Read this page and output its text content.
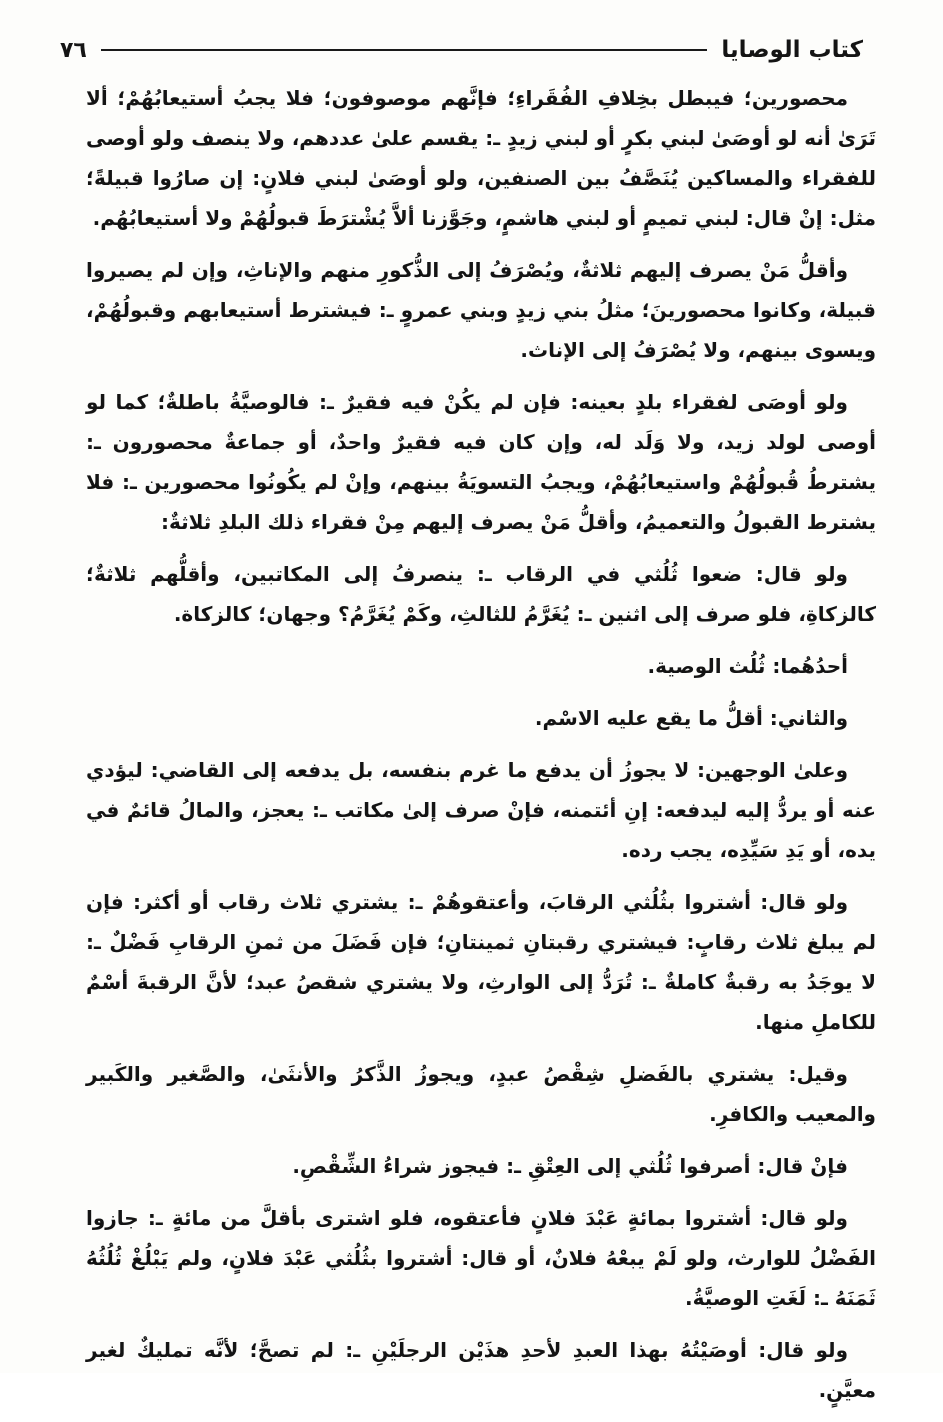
كتاب الوصايا
٧٦

محصورين؛ فيبطل بخِلافِ الفُقَراءِ؛ فإنَّهم موصوفون؛ فلا يجبُ أستيعابُهُمْ؛ ألا تَرَىٰ أنه لو أوصَىٰ لبني بكرٍ أو لبني زيدٍ ـ: يقسم علىٰ عددهم، ولا ينصف ولو أوصى للفقراء والمساكين يُنَصَّفُ بين الصنفين، ولو أوصَىٰ لبني فلانٍ: إن صارُوا قبيلةً؛ مثل: إنْ قال: لبني تميمٍ أو لبني هاشمٍ، وجَوَّزنا ألاَّ يُشْترَطَ قبولُهُمْ ولا أستيعابُهُم.

وأقلُّ مَنْ يصرف إليهم ثلاثةٌ، ويُصْرَفُ إلى الذُّكورِ منهم والإناثِ، وإن لم يصيروا قبيلة، وكانوا محصورينَ؛ مثلُ بني زيدٍ وبني عمروٍ ـ: فيشترط أستيعابهم وقبولُهُمْ، ويسوى بينهم، ولا يُصْرَفُ إلى الإناث.

ولو أوصَى لفقراء بلدٍ بعينه: فإن لم يكُنْ فيه فقيرٌ ـ: فالوصيَّةُ باطلةٌ؛ كما لو أوصى لولد زيد، ولا وَلَد له، وإن كان فيه فقيرٌ واحدٌ، أو جماعةٌ محصورون ـ: يشترطُ قُبولُهُمْ واستيعابُهُمْ، ويجبُ التسويَةُ بينهم، وإنْ لم يكُونُوا محصورين ـ: فلا يشترط القبولُ والتعميمُ، وأقلُّ مَنْ يصرف إليهم مِنْ فقراء ذلك البلدِ ثلاثةٌ:

ولو قال: ضعوا ثُلُثي في الرقاب ـ: ينصرفُ إلى المكاتبين، وأقلُّهم ثلاثةٌ؛ كالزكاةِ، فلو صرف إلى اثنين ـ: يُغَرَّمُ للثالثِ، وكَمْ يُغَرَّمُ؟ وجهان؛ كالزكاة.

أحدُهُما: ثُلُث الوصية.

والثاني: أقلُّ ما يقع عليه الاسْم.

وعلىٰ الوجهين: لا يجوزُ أن يدفع ما غرم بنفسه، بل يدفعه إلى القاضي: ليؤدي عنه أو يردُّ إليه ليدفعه: إنِ أئتمنه، فإنْ صرف إلىٰ مكاتب ـ: يعجز، والمالُ قائمٌ في يده، أو يَدِ سَيِّدِه، يجب رده.

ولو قال: أشتروا بثُلُثي الرقابَ، وأعتقوهُمْ ـ: يشتري ثلاث رقاب أو أكثر: فإن لم يبلغ ثلاث رقابٍ: فيشتري رقبتانِ ثمينتانِ؛ فإن فَضَلَ من ثمنِ الرقابِ فَضْلٌ ـ: لا يوجَدُ به رقبةٌ كاملةٌ ـ: تُرَدُّ إلى الوارثِ، ولا يشتري شقصُ عبد؛ لأنَّ الرقبةَ أسْمٌ للكاملِ منها.

وقيل: يشتري بالفَضلِ شِقْصُ عبدٍ، ويجوزُ الذَّكرُ والأنثَىٰ، والصَّغير والكَبير والمعيب والكافرِ.

فإنْ قال: أصرفوا ثُلُثي إلى العِتْقِ ـ: فيجوز شراءُ الشِّقْصِ.

ولو قال: أشتروا بمائةٍ عَبْدَ فلانٍ فأعتقوه، فلو اشترى بأقلَّ من مائةٍ ـ: جازوا الفَضْلُ للوارث، ولو لَمْ يبعْهُ فلانٌ، أو قال: أشتروا بثُلُثي عَبْدَ فلانٍ، ولم يَبْلُغْ ثُلُثُهُ ثَمَنَهُ ـ: لَغَتِ الوصيَّةُ.

ولو قال: أوصَيْتُهُ بهذا العبدِ لأحدِ هذَيْن الرجلَيْنِ ـ: لم تصحَّ؛ لأنَّه تمليكٌ لغير معيَّنٍ.
